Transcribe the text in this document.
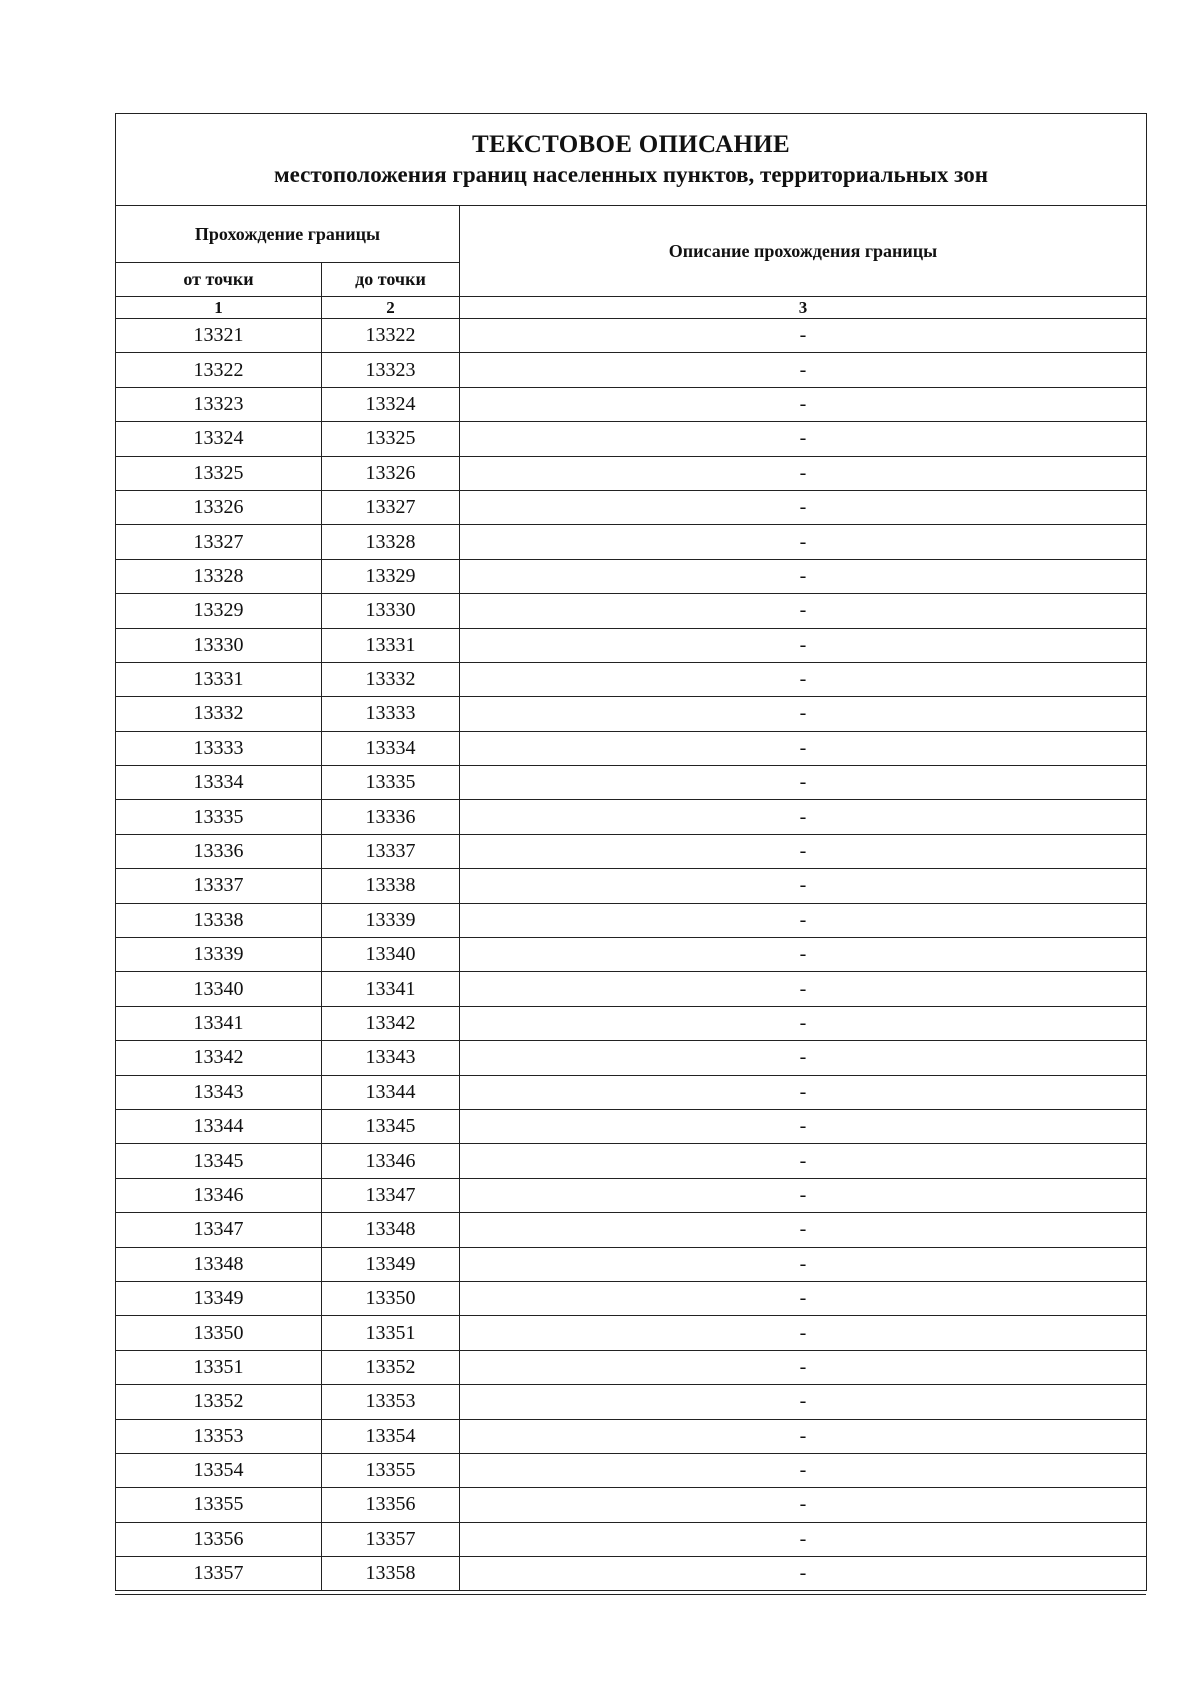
ТЕКСТОВОЕ ОПИСАНИЕ
местоположения границ населенных пунктов, территориальных зон		

Прохождение границы		Описание прохождения границы
от точки	до точки	
1	2	3
13321	13322	-
13322	13323	-
13323	13324	-
13324	13325	-
13325	13326	-
13326	13327	-
13327	13328	-
13328	13329	-
13329	13330	-
13330	13331	-
13331	13332	-
13332	13333	-
13333	13334	-
13334	13335	-
13335	13336	-
13336	13337	-
13337	13338	-
13338	13339	-
13339	13340	-
13340	13341	-
13341	13342	-
13342	13343	-
13343	13344	-
13344	13345	-
13345	13346	-
13346	13347	-
13347	13348	-
13348	13349	-
13349	13350	-
13350	13351	-
13351	13352	-
13352	13353	-
13353	13354	-
13354	13355	-
13355	13356	-
13356	13357	-
13357	13358	-
